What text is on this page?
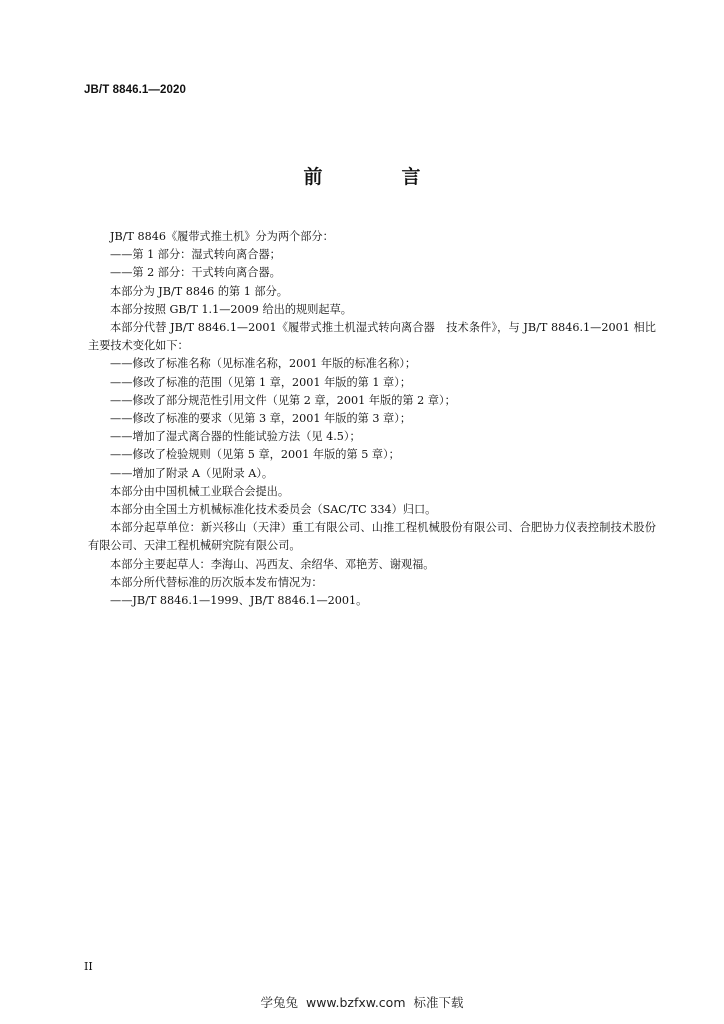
JB/T 8846.1—2020
前　言

JB/T 8846《履带式推土机》分为两个部分：

——第 1 部分：湿式转向离合器；

——第 2 部分：干式转向离合器。

本部分为 JB/T 8846 的第 1 部分。

本部分按照 GB/T 1.1—2009 给出的规则起草。

本部分代替 JB/T 8846.1—2001《履带式推土机湿式转向离合器　技术条件》，与 JB/T 8846.1—2001 相比主要技术变化如下：

——修改了标准名称（见标准名称，2001 年版的标准名称）；

——修改了标准的范围（见第 1 章，2001 年版的第 1 章）；

——修改了部分规范性引用文件（见第 2 章，2001 年版的第 2 章）；

——修改了标准的要求（见第 3 章，2001 年版的第 3 章）；

——增加了湿式离合器的性能试验方法（见 4.5）；

——修改了检验规则（见第 5 章，2001 年版的第 5 章）；

——增加了附录 A（见附录 A）。

本部分由中国机械工业联合会提出。

本部分由全国土方机械标准化技术委员会（SAC/TC 334）归口。

本部分起草单位：新兴移山（天津）重工有限公司、山推工程机械股份有限公司、合肥协力仪表控制技术股份有限公司、天津工程机械研究院有限公司。

本部分主要起草人：李海山、冯西友、余绍华、邓艳芳、谢观福。

本部分所代替标准的历次版本发布情况为：

——JB/T 8846.1—1999、JB/T 8846.1—2001。

II
学兔兔 www.bzfxw.com 标准下载
